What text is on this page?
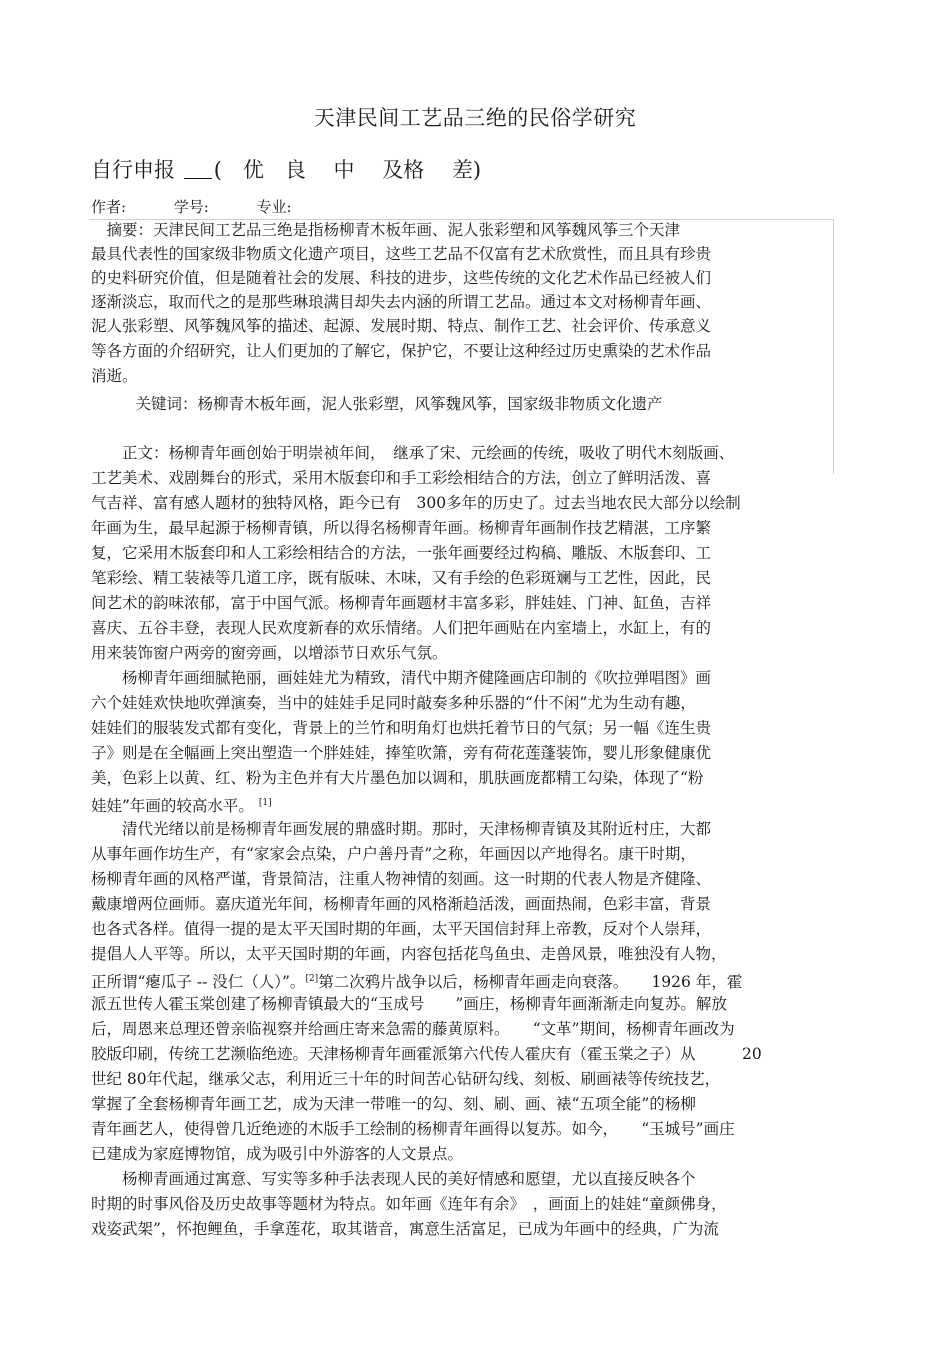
天津民间工艺品三绝的民俗学研究
自行申报 (　优　良　 中　 及格　 差)
作者:	学号:	专业:
　摘要：天津民间工艺品三绝是指杨柳青木板年画、泥人张彩塑和风筝魏风筝三个天津
最具代表性的国家级非物质文化遗产项目，这些工艺品不仅富有艺术欣赏性，而且具有珍贵
的史料研究价值，但是随着社会的发展、科技的进步，这些传统的文化艺术作品已经被人们
逐渐淡忘，取而代之的是那些琳琅满目却失去内涵的所谓工艺品。通过本文对杨柳青年画、
泥人张彩塑、风筝魏风筝的描述、起源、发展时期、特点、制作工艺、社会评价、传承意义
等各方面的介绍研究，让人们更加的了解它，保护它，不要让这种经过历史熏染的艺术作品
消逝。
　关键词：杨柳青木板年画，泥人张彩塑，风筝魏风筝，国家级非物质文化遗产
　　正文：杨柳青年画创始于明崇祯年间，　继承了宋、元绘画的传统，吸收了明代木刻版画、
工艺美术、戏剧舞台的形式，采用木版套印和手工彩绘相结合的方法，创立了鲜明活泼、喜
气吉祥、富有感人题材的独特风格，距今已有　300多年的历史了。过去当地农民大部分以绘制
年画为生，最早起源于杨柳青镇，所以得名杨柳青年画。杨柳青年画制作技艺精湛，工序繁
复，它采用木版套印和人工彩绘相结合的方法，一张年画要经过构稿、雕版、木版套印、工
笔彩绘、精工装裱等几道工序，既有版味、木味，又有手绘的色彩斑斓与工艺性，因此，民
间艺术的韵味浓郁，富于中国气派。杨柳青年画题材丰富多彩，胖娃娃、门神、缸鱼，吉祥
喜庆、五谷丰登，表现人民欢度新春的欢乐情绪。人们把年画贴在内室墙上，水缸上，有的
用来装饰窗户两旁的窗旁画，以增添节日欢乐气氛。
　　杨柳青年画细腻艳丽，画娃娃尤为精致，清代中期齐健隆画店印制的《吹拉弹唱图》画
六个娃娃欢快地吹弹演奏，当中的娃娃手足同时敲奏多种乐器的“什不闲”尤为生动有趣，
娃娃们的服装发式都有变化，背景上的兰竹和明角灯也烘托着节日的气氛；另一幅《连生贵
子》则是在全幅画上突出塑造一个胖娃娃，捧笙吹箫，旁有荷花莲蓬装饰，婴儿形象健康优
美，色彩上以黄、红、粉为主色并有大片墨色加以调和，肌肤画庞都精工勾染，体现了“粉
娃娃”年画的较高水平。 [1]
　　清代光绪以前是杨柳青年画发展的鼎盛时期。那时，天津杨柳青镇及其附近村庄，大都
从事年画作坊生产，有“家家会点染，户户善丹青”之称，年画因以产地得名。康干时期，
杨柳青年画的风格严谨，背景简洁，注重人物神情的刻画。这一时期的代表人物是齐健隆、
戴康增两位画师。嘉庆道光年间，杨柳青年画的风格渐趋活泼，画面热闹，色彩丰富，背景
也各式各样。值得一提的是太平天国时期的年画，太平天国信封拜上帝教，反对个人崇拜，
提倡人人平等。所以，太平天国时期的年画，内容包括花鸟鱼虫、走兽风景，唯独没有人物，
正所谓“瘪瓜子 -- 没仁（人）”。[2]第二次鸦片战争以后，杨柳青年画走向衰落。　　1926 年，霍
派五世传人霍玉棠创建了杨柳青镇最大的“玉成号　　”画庄，杨柳青年画渐渐走向复苏。解放
后，周恩来总理还曾亲临视察并给画庄寄来急需的藤黄原料。　　“文革”期间，杨柳青年画改为
胶版印刷，传统工艺濒临绝迹。天津杨柳青年画霍派第六代传人霍庆有（霍玉棠之子）从　　　20
世纪 80年代起，继承父志，利用近三十年的时间苦心钻研勾线、刻板、刷画裱等传统技艺，
掌握了全套杨柳青年画工艺，成为天津一带唯一的勾、刻、刷、画、裱“五项全能”的杨柳
青年画艺人，使得曾几近绝迹的木版手工绘制的杨柳青年画得以复苏。如今，　　“玉城号”画庄
已建成为家庭博物馆，成为吸引中外游客的人文景点。
　　杨柳青画通过寓意、写实等多种手法表现人民的美好情感和愿望，尤以直接反映各个
时期的时事风俗及历史故事等题材为特点。如年画《连年有余》　，画面上的娃娃“童颜佛身，
戏姿武架”，怀抱鲤鱼，手拿莲花，取其谐音，寓意生活富足，已成为年画中的经典，广为流
